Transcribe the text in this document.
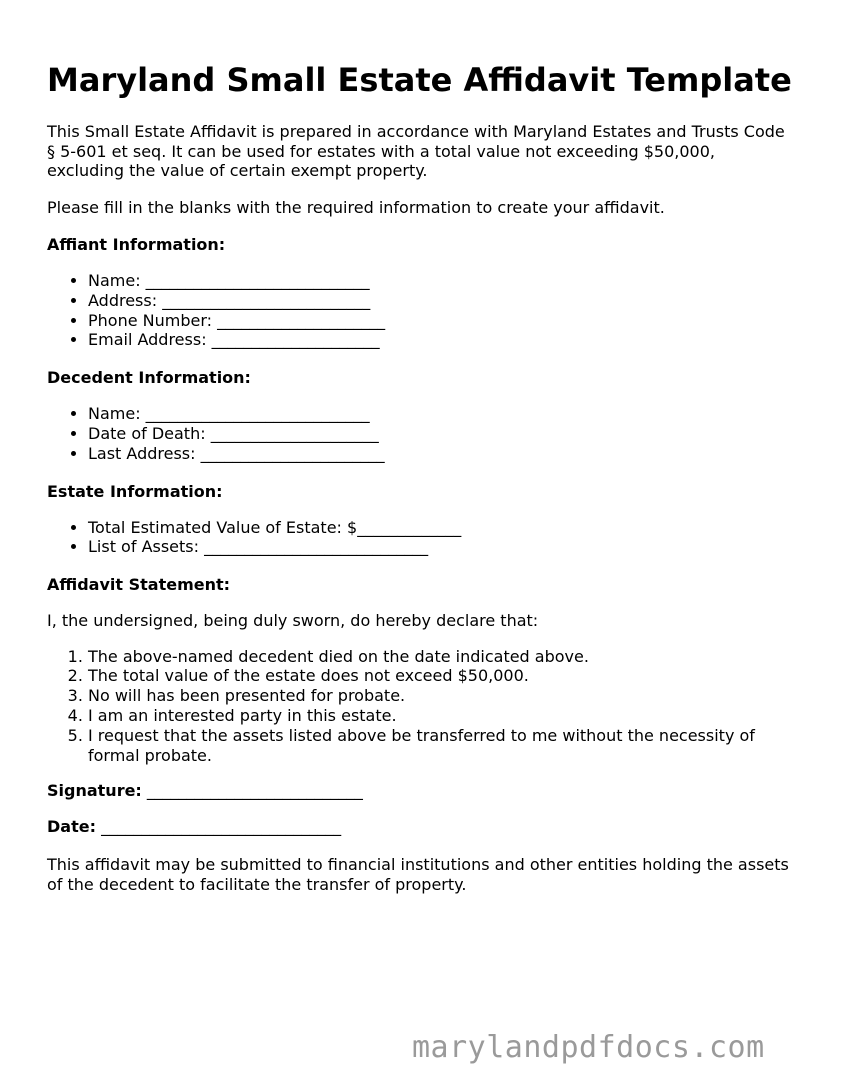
Maryland Small Estate Affidavit Template

This Small Estate Affidavit is prepared in accordance with Maryland Estates and Trusts Code § 5-601 et seq. It can be used for estates with a total value not exceeding $50,000, excluding the value of certain exempt property.

Please fill in the blanks with the required information to create your affidavit.

Affiant Information:
• Name: ____________________________
• Address: __________________________
• Phone Number: _____________________
• Email Address: _____________________
Decedent Information:
• Name: ____________________________
• Date of Death: _____________________
• Last Address: _______________________
Estate Information:
• Total Estimated Value of Estate: $_____________
• List of Assets: ____________________________
Affidavit Statement:

I, the undersigned, being duly sworn, do hereby declare that:

1. The above-named decedent died on the date indicated above.
2. The total value of the estate does not exceed $50,000.
3. No will has been presented for probate.
4. I am an interested party in this estate.
5. I request that the assets listed above be transferred to me without the necessity of formal probate.
Signature: ___________________________
Date: ______________________________

This affidavit may be submitted to financial institutions and other entities holding the assets of the decedent to facilitate the transfer of property.

marylandpdfdocs.com
